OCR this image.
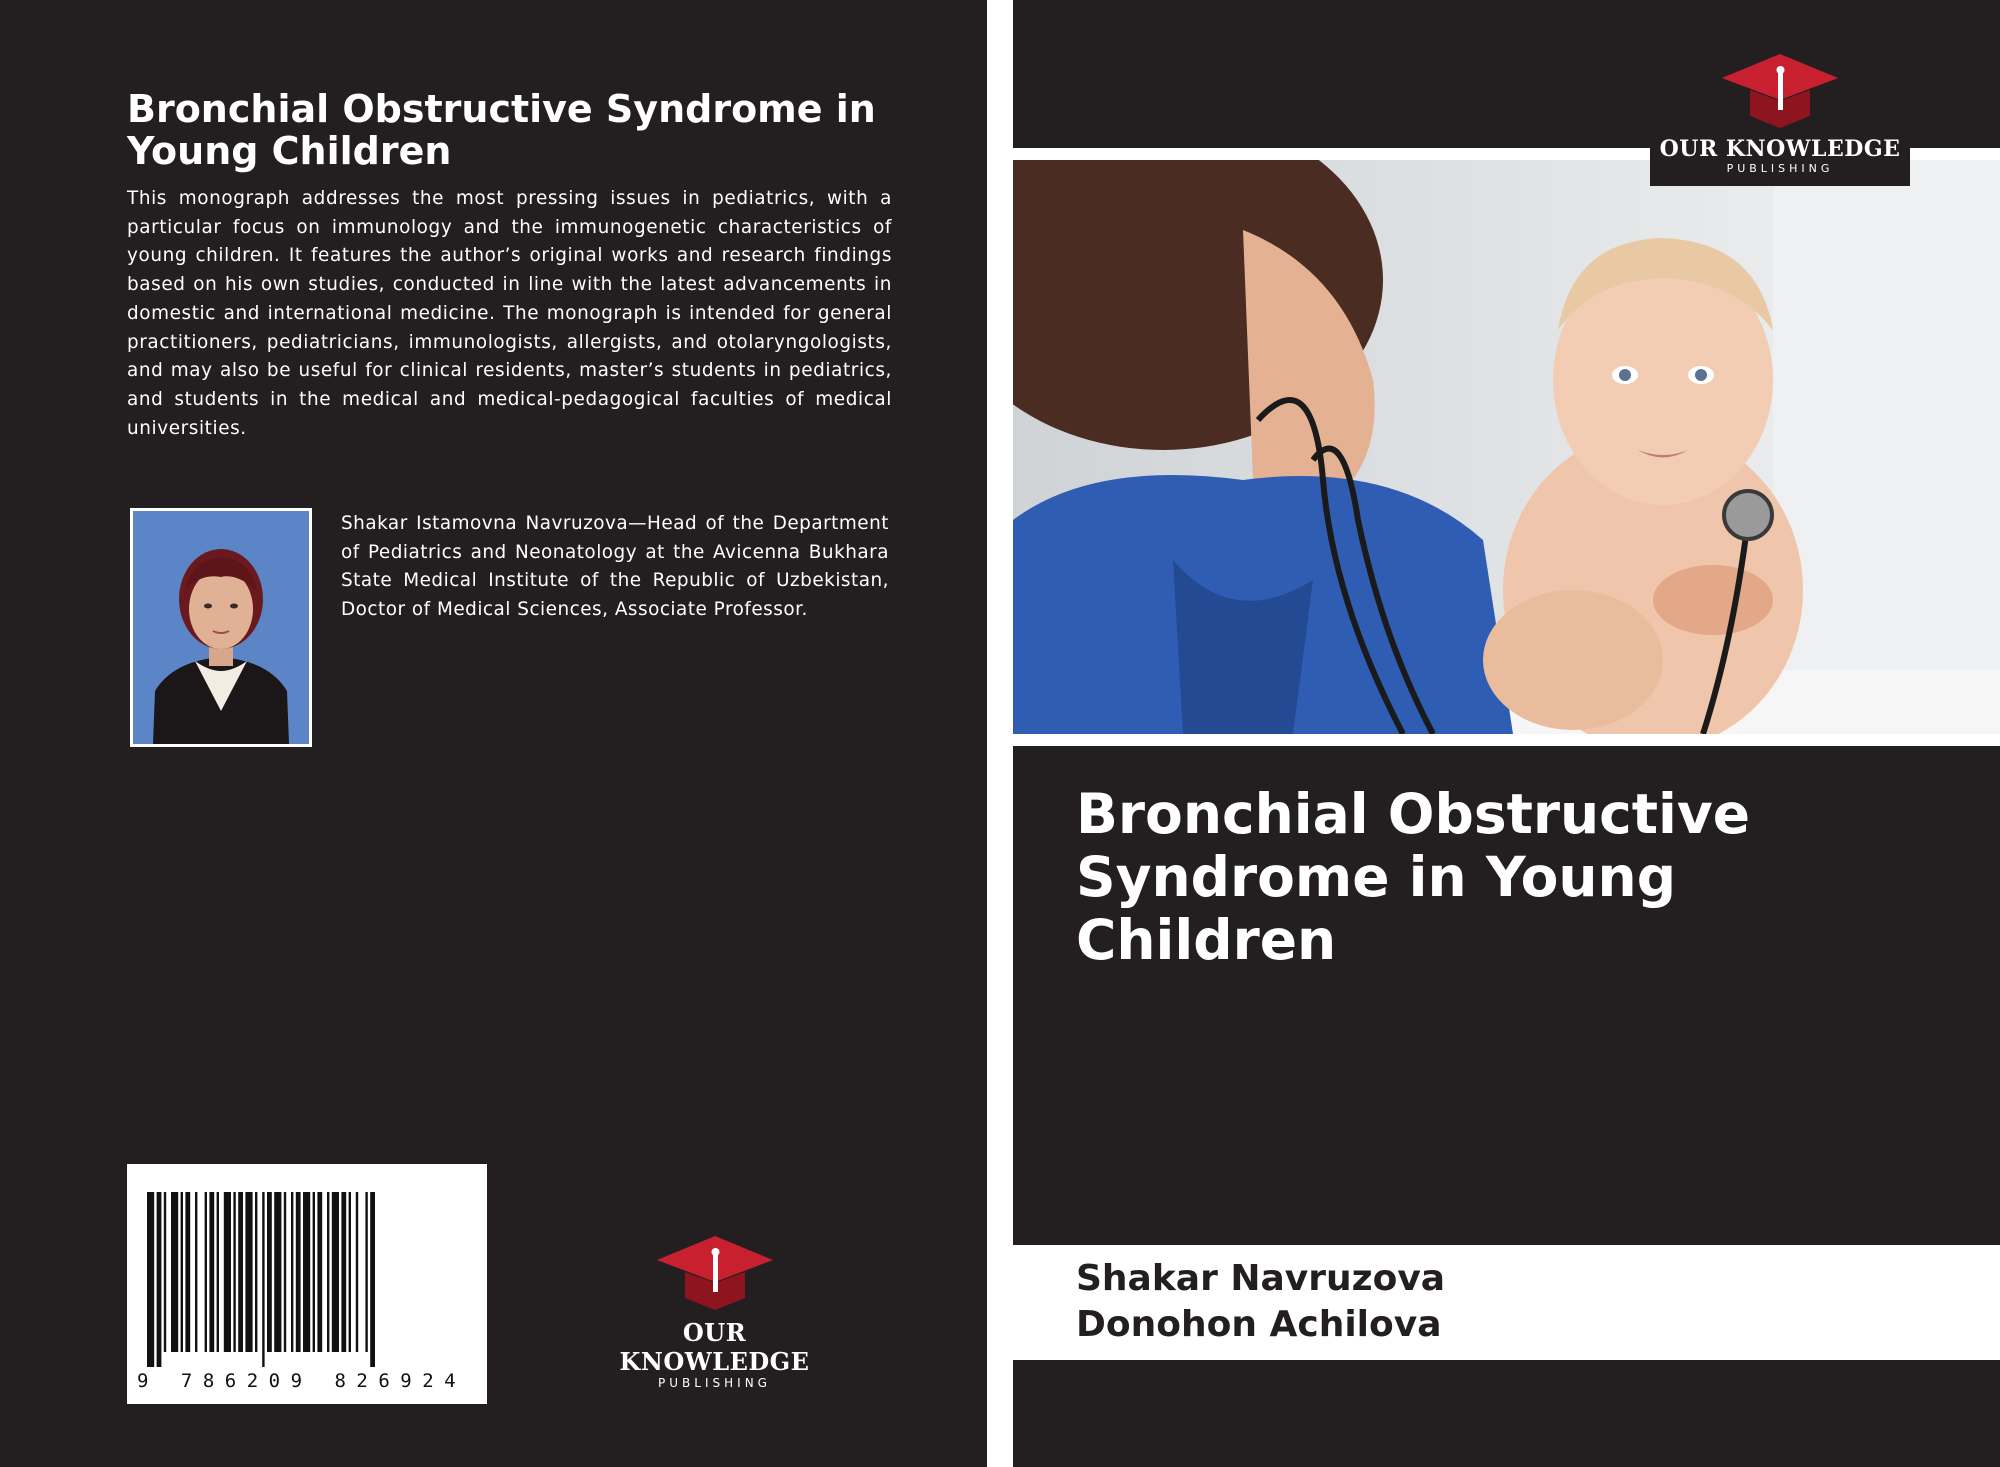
Bronchial Obstructive Syndrome in Young Children

This monograph addresses the most pressing issues in pediatrics, with a particular focus on immunology and the immunogenetic characteristics of young children. It features the author’s original works and research findings based on his own studies, conducted in line with the latest advancements in domestic and international medicine. The monograph is intended for general practitioners, pediatricians, immunologists, allergists, and otolaryngologists, and may also be useful for clinical residents, master’s students in pediatrics, and students in the medical and medical-pedagogical faculties of medical universities.

Shakar Istamovna Navruzova—Head of the Department of Pediatrics and Neonatology at the Avicenna Bukhara State Medical Institute of the Republic of Uzbekistan, Doctor of Medical Sciences, Associate Professor.

9 786209 826924
OUR KNOWLEDGE
PUBLISHING
OUR KNOWLEDGE
PUBLISHING
Bronchial Obstructive Syndrome in Young Children
Shakar Navruzova
Donohon Achilova
